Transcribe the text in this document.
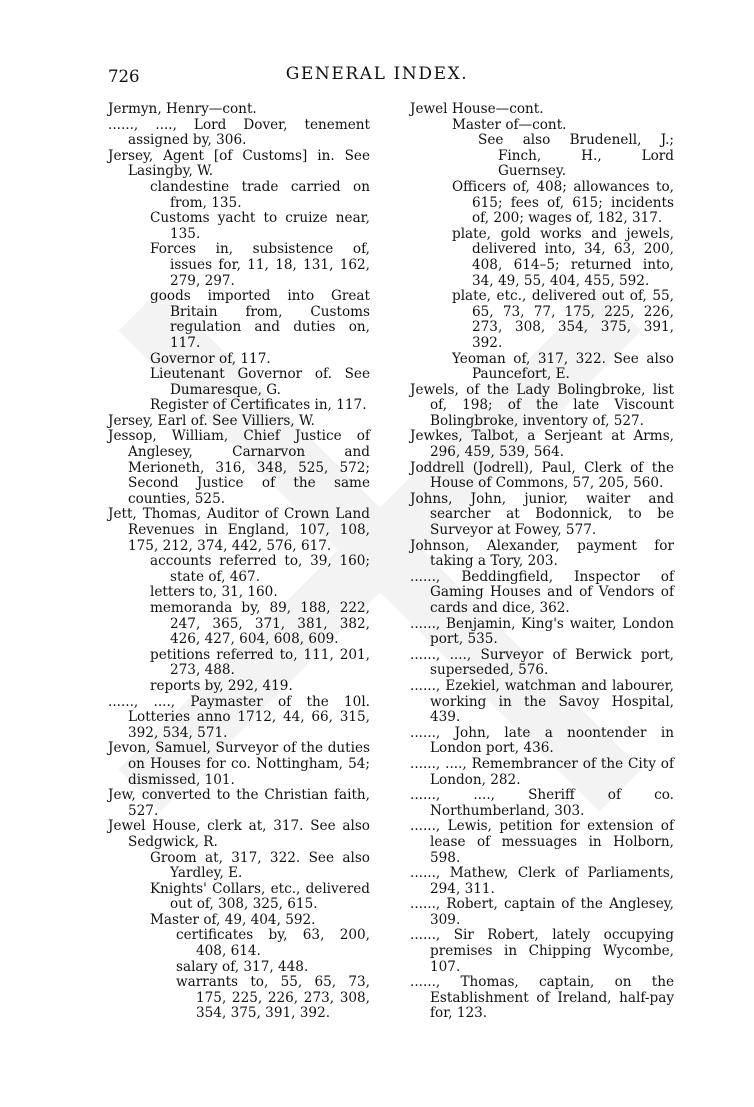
726	GENERAL INDEX.

Jermyn, Henry—cont.

......, ...., Lord Dover, tenement assigned by, 306.

Jersey, Agent [of Customs] in. See Lasingby, W.

clandestine trade carried on from, 135.

Customs yacht to cruize near, 135.

Forces in, subsistence of, issues for, 11, 18, 131, 162, 279, 297.

goods imported into Great Britain from, Customs regulation and duties on, 117.

Governor of, 117.

Lieutenant Governor of. See Dumaresque, G.

Register of Certificates in, 117.

Jersey, Earl of. See Villiers, W.

Jessop, William, Chief Justice of Anglesey, Carnarvon and Merioneth, 316, 348, 525, 572; Second Justice of the same counties, 525.

Jett, Thomas, Auditor of Crown Land Revenues in England, 107, 108, 175, 212, 374, 442, 576, 617.

accounts referred to, 39, 160; state of, 467.

letters to, 31, 160.

memoranda by, 89, 188, 222, 247, 365, 371, 381, 382, 426, 427, 604, 608, 609.

petitions referred to, 111, 201, 273, 488.

reports by, 292, 419.

......, ...., Paymaster of the 10l. Lotteries anno 1712, 44, 66, 315, 392, 534, 571.

Jevon, Samuel, Surveyor of the duties on Houses for co. Nottingham, 54; dismissed, 101.

Jew, converted to the Christian faith, 527.

Jewel House, clerk at, 317. See also Sedgwick, R.

Groom at, 317, 322. See also Yardley, E.

Knights' Collars, etc., delivered out of, 308, 325, 615.

Master of, 49, 404, 592.

certificates by, 63, 200, 408, 614.

salary of, 317, 448.

warrants to, 55, 65, 73, 175, 225, 226, 273, 308, 354, 375, 391, 392.

Jewel House—cont.

Master of—cont.

See also Brudenell, J.; Finch, H., Lord Guernsey.

Officers of, 408; allowances to, 615; fees of, 615; incidents of, 200; wages of, 182, 317.

plate, gold works and jewels, delivered into, 34, 63, 200, 408, 614–5; returned into, 34, 49, 55, 404, 455, 592.

plate, etc., delivered out of, 55, 65, 73, 77, 175, 225, 226, 273, 308, 354, 375, 391, 392.

Yeoman of, 317, 322. See also Pauncefort, E.

Jewels, of the Lady Bolingbroke, list of, 198; of the late Viscount Bolingbroke, inventory of, 527.

Jewkes, Talbot, a Serjeant at Arms, 296, 459, 539, 564.

Joddrell (Jodrell), Paul, Clerk of the House of Commons, 57, 205, 560.

Johns, John, junior, waiter and searcher at Bodonnick, to be Surveyor at Fowey, 577.

Johnson, Alexander, payment for taking a Tory, 203.

......, Beddingfield, Inspector of Gaming Houses and of Vendors of cards and dice, 362.

......, Benjamin, King's waiter, London port, 535.

......, ...., Surveyor of Berwick port, superseded, 576.

......, Ezekiel, watchman and labourer, working in the Savoy Hospital, 439.

......, John, late a noontender in London port, 436.

......, ...., Remembrancer of the City of London, 282.

......, ...., Sheriff of co. Northumberland, 303.

......, Lewis, petition for extension of lease of messuages in Holborn, 598.

......, Mathew, Clerk of Parliaments, 294, 311.

......, Robert, captain of the Anglesey, 309.

......, Sir Robert, lately occupying premises in Chipping Wycombe, 107.

......, Thomas, captain, on the Establishment of Ireland, half-pay for, 123.
